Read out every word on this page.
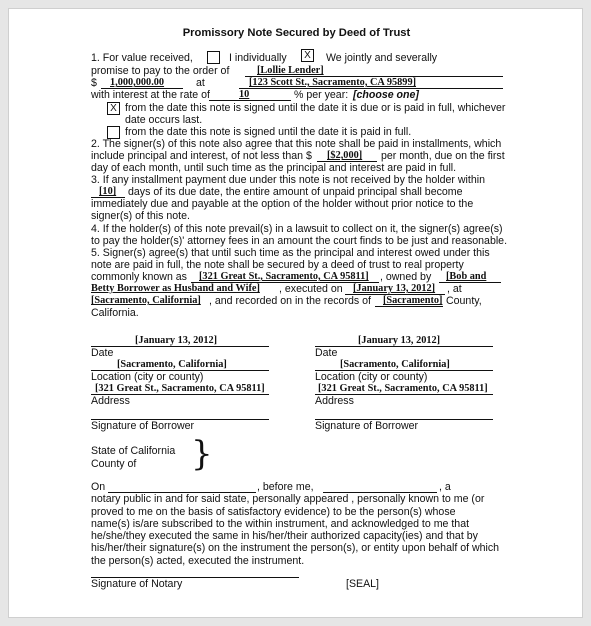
Promissory Note Secured by Deed of Trust
1. For value received,	I individually	X We jointly and severally
promise to pay to the order of	[Lollie Lender]
$ 1,000,000.00	at	[123 Scott St., Sacramento, CA 95899]
with interest at the rate of	10	% per year: [choose one]
X from the date this note is signed until the date it is due or is paid in full, whichever
date occurs last.
from the date this note is signed until the date it is paid in full.
2. The signer(s) of this note also agree that this note shall be paid in installments, which
include principal and interest, of not less than $ [$2,000] per month, due on the first
day of each month, until such time as the principal and interest are paid in full.
3. If any installment payment due under this note is not received by the holder within
[10] days of its due date, the entire amount of unpaid principal shall become
immediately due and payable at the option of the holder without prior notice to the
signer(s) of this note.
4. If the holder(s) of this note prevail(s) in a lawsuit to collect on it, the signer(s) agree(s)
to pay the holder(s)' attorney fees in an amount the court finds to be just and reasonable.
5. Signer(s) agree(s) that until such time as the principal and interest owed under this
note are paid in full, the note shall be secured by a deed of trust to real property
commonly known as [321 Great St., Sacramento, CA 95811] , owned by [Bob and
Betty Borrower as Husband and Wife] , executed on [January 13, 2012] , at
[Sacramento, California] , and recorded on in the records of [Sacramento] County,
California.
[January 13, 2012]
Date
[Sacramento, California]
Location (city or county)
[321 Great St., Sacramento, CA 95811]
Address
Signature of Borrower
[January 13, 2012]
Date
[Sacramento, California]
Location (city or county)
[321 Great St., Sacramento, CA 95811]
Address
Signature of Borrower
State of California
County of }
On	, before me,	, a
notary public in and for said state, personally appeared , personally known to me (or
proved to me on the basis of satisfactory evidence) to be the person(s) whose
name(s) is/are subscribed to the within instrument, and acknowledged to me that
he/she/they executed the same in his/her/their authorized capacity(ies) and that by
his/her/their signature(s) on the instrument the person(s), or entity upon behalf of which
the person(s) acted, executed the instrument.
Signature of Notary	[SEAL]
